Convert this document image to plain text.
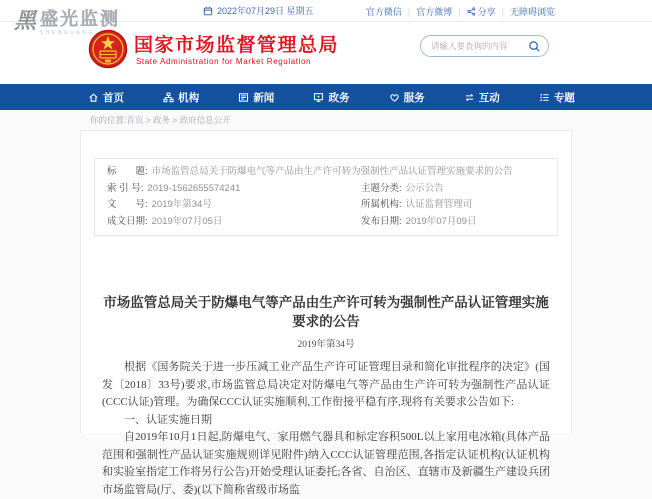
黑 盛光监测
SHENGUANG
2022年07月29日 星期五	官方微信 | 官方微博 | 分享 | 无障碍浏览
国家市场监督管理总局
State Administration for Market Regulation
请输入要查询的内容
首页	机构	新闻	政务	服务	互动	专题
你的位置:首页 > 政务 > 政府信息公开
标　　题: 市场监管总局关于防爆电气等产品由生产许可转为强制性产品认证管理实施要求的公告
索 引 号: 2019-1562655574241	主题分类: 公示公告
文　　号: 2019年第34号	所属机构: 认证监督管理司
成文日期: 2019年07月05日	发布日期: 2019年07月09日
市场监管总局关于防爆电气等产品由生产许可转为强制性产品认证管理实施要求的公告
2019年第34号

根据《国务院关于进一步压减工业产品生产许可证管理目录和简化审批程序的决定》(国发〔2018〕33号)要求,市场监管总局决定对防爆电气等产品由生产许可转为强制性产品认证(CCC认证)管理。为确保CCC认证实施顺利,工作衔接平稳有序,现将有关要求公告如下:

一、认证实施日期

自2019年10月1日起,防爆电气、家用燃气器具和标定容积500L以上家用电冰箱(具体产品范围和强制性产品认证实施规则详见附件)纳入CCC认证管理范围,各指定认证机构(认证机构和实验室指定工作将另行公告)开始受理认证委托;各省、自治区、直辖市及新疆生产建设兵团市场监管局(厅、委)(以下简称省级市场监
